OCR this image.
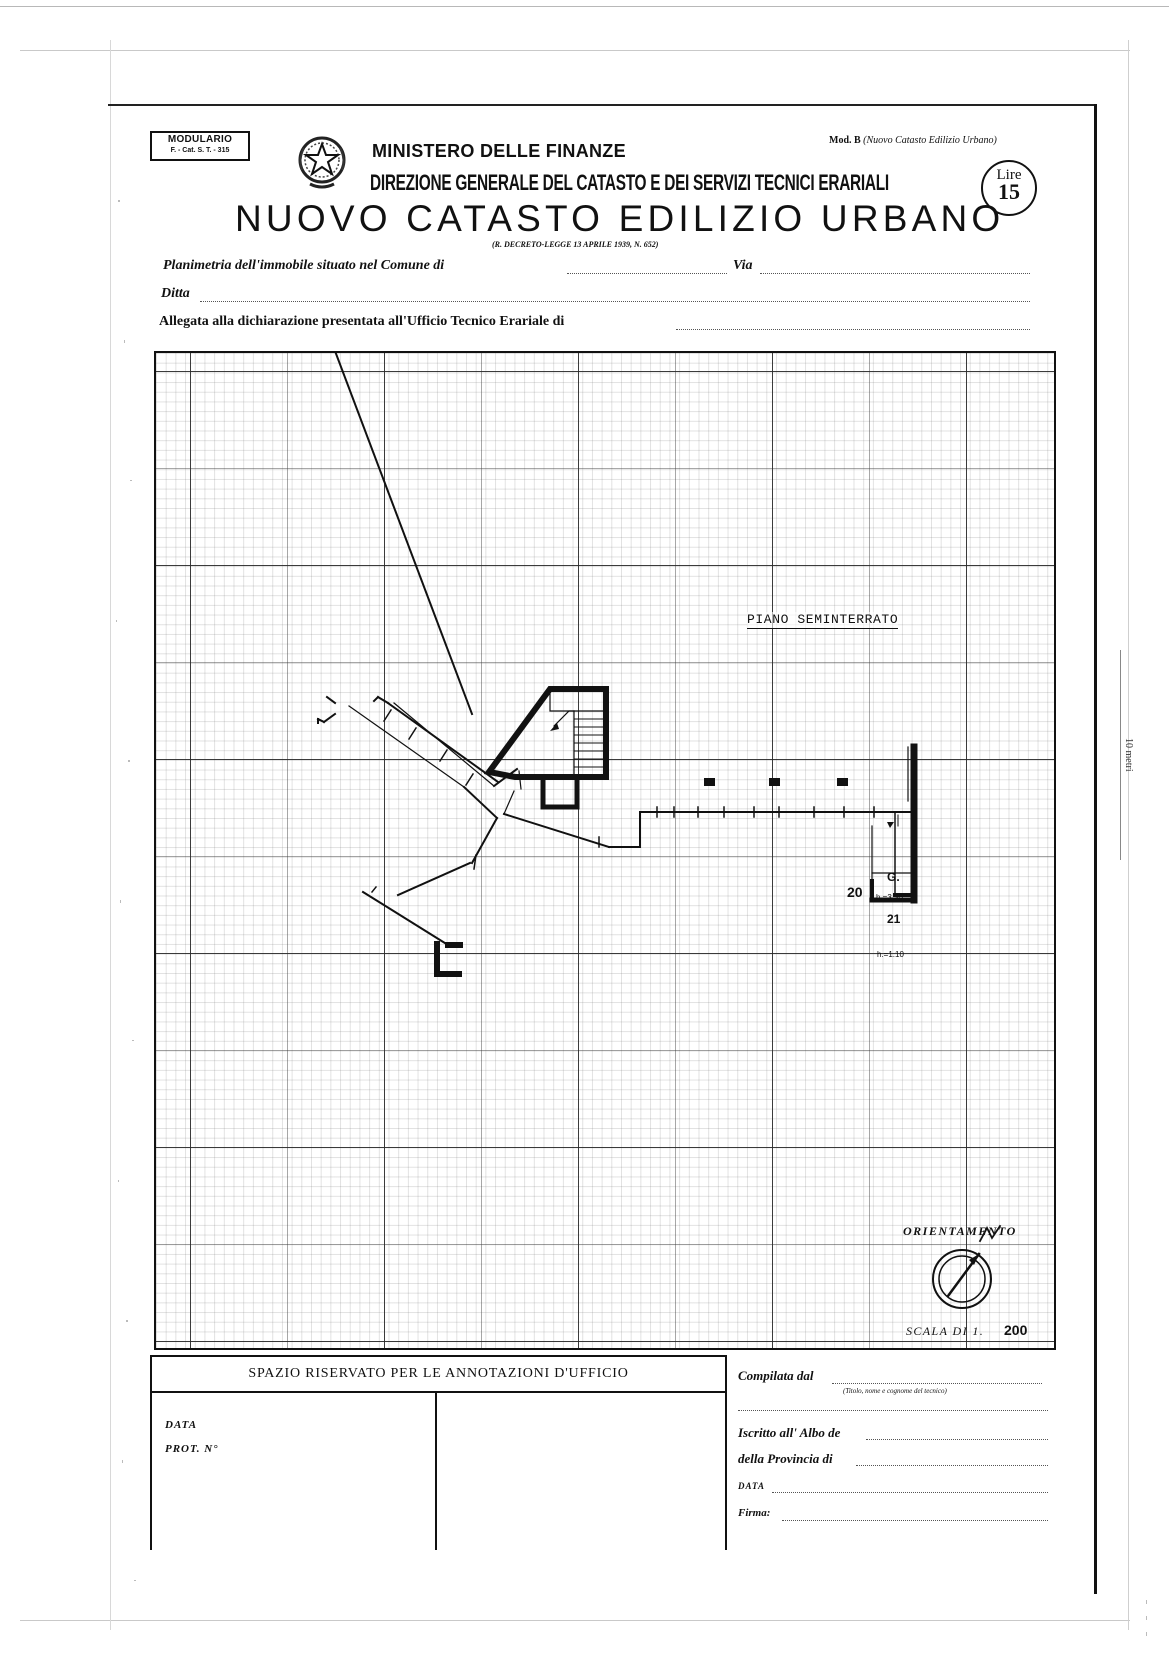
MODULARIO
F. - Cat. S. T. - 315	MINISTERO DELLE FINANZE
DIREZIONE GENERALE DEL CATASTO E DEI SERVIZI TECNICI ERARIALI
NUOVO CATASTO EDILIZIO URBANO
(R. DECRETO-LEGGE 13 APRILE 1939, N. 652)
Mod. B (Nuovo Catasto Edilizio Urbano)
Lire
15
Planimetria dell'immobile situato nel Comune di	Via
Ditta
Allegata alla dichiarazione presentata all'Ufficio Tecnico Erariale di
PIANO SEMINTERRATO
20
G.
h.=3.30
21
h.=1.10
ORIENTAMENTO
SCALA DI 1. 200
10 metri
SPAZIO RISERVATO PER LE ANNOTAZIONI D'UFFICIO
DATA
PROT. N°
Compilata dal
(Titolo, nome e cognome del tecnico)
Iscritto all' Albo de
della Provincia di
DATA
Firma:
